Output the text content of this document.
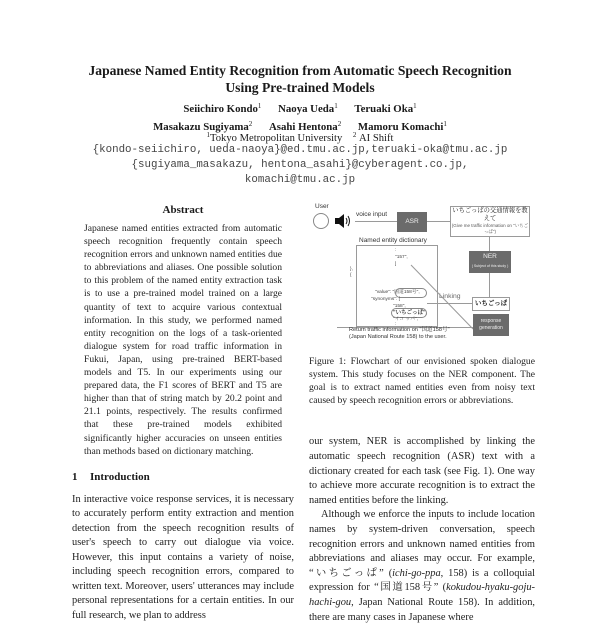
Japanese Named Entity Recognition from Automatic Speech Recognition
Using Pre-trained Models
Seiichiro Kondo$^1$ Naoya Ueda$^1$ Teruaki Oka$^1$
Masakazu Sugiyama$^2$ Asahi Hentona$^2$ Mamoru Komachi$^1$
$^1$Tokyo Metropolitan University $^2$ AI Shift
{kondo-seiichiro, ueda-naoya}@ed.tmu.ac.jp,teruaki-oka@tmu.ac.jp
{sugiyama_masakazu, hentona_asahi}@cyberagent.co.jp,
komachi@tmu.ac.jp
Abstract
Japanese named entities extracted from automatic speech recognition frequently contain speech recognition errors and unknown named entities due to abbreviations and aliases. One possible solution to this problem of the named entity extraction task is to use a pre-trained model trained on a large quantity of text to acquire various contextual information. In this study, we performed named entity recognition on the logs of a task-oriented dialogue system for road traffic information in Fukui, Japan, using pre-trained BERT-based models and T5. In our experiments using our prepared data, the F1 scores of BERT and T5 are higher than that of string match by 20.2 point and 21.1 points, respectively. The results confirmed that these pre-trained models exhibited significantly higher accuracies on unseen entities than methods based on dictionary matching.
1 Introduction
In interactive voice response services, it is necessary to accurately perform entity extraction and mention detection from the speech recognition results of user's speech to carry out dialogue via voice. However, this input contains a variety of noise, including speech recognition errors, compared to written text. Moreover, users' utterances may include personal representations for a certain entities. In our full research, we plan to address
User
voice input
ASR
いちごっぱの交通情報を教えて
(Give me traffic information on "いちごっぱ")
NER
( Subject of this study )
Named entity dictionary
:
"157",
]
"value": "国道158号",
"synonyms": [
"158",
"いちごっぱ",
"イコ ッパ",
:
},
{
Linking
いちごっぱ
response generation
Return traffic information on "国道158号" (Japan National Route 158) to the user.
Figure 1: Flowchart of our envisioned spoken dialogue system. This study focuses on the NER component. The goal is to extract named entities even from noisy text caused by speech recognition errors or abbreviations.

our system, NER is accomplished by linking the automatic speech recognition (ASR) text with a dictionary created for each task (see Fig. 1). One way to achieve more accurate recognition is to extract the named entities before the linking.

Although we enforce the inputs to include location names by system-driven conversation, speech recognition errors and unknown named entities from abbreviations and aliases may occur. For example, “いちごっぱ” (ichi-go-ppa, 158) is a colloquial expression for “国道158号” (kokudou-hyaku-goju-hachi-gou, Japan National Route 158). In addition, there are many cases in Japanese where
